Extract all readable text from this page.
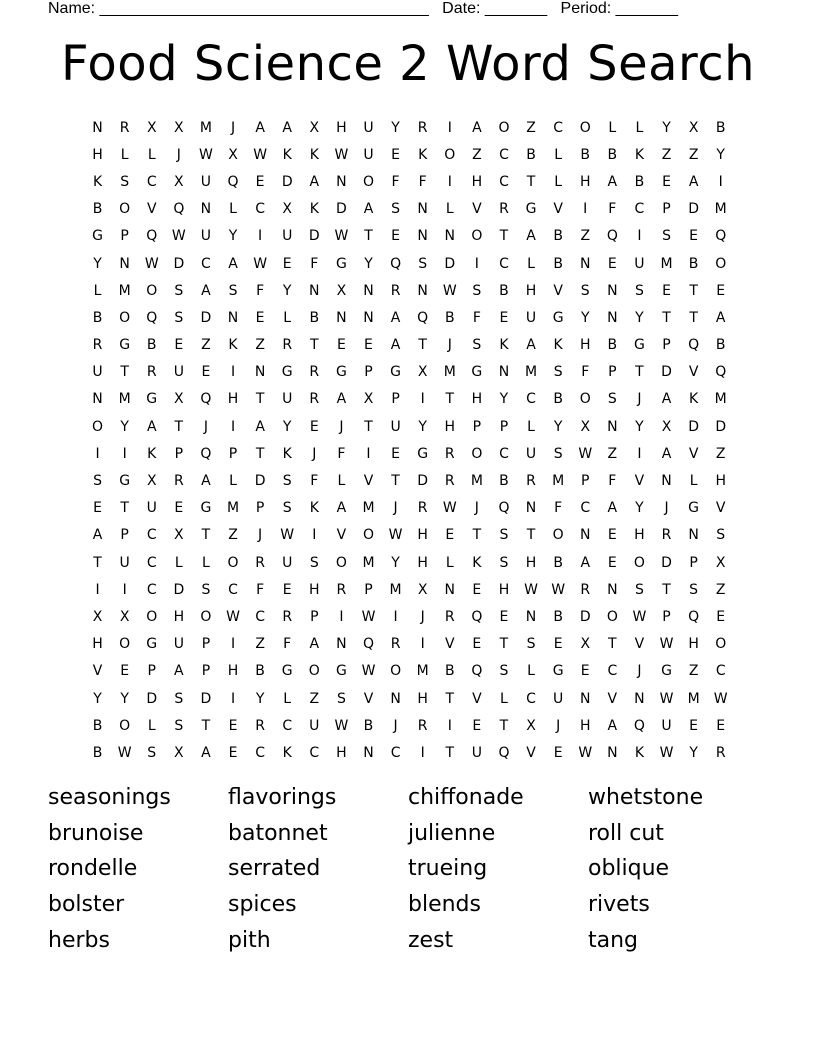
Name: _____________________________________ Date: _______ Period: _______
Food Science 2 Word Search
N	R	X	X	M	J	A	A	X	H	U	Y	R	I	A	O	Z	C	O	L	L	Y	X	B
H	L	L	J	W	X	W	K	K	W	U	E	K	O	Z	C	B	L	B	B	K	Z	Z	Y
K	S	C	X	U	Q	E	D	A	N	O	F	F	I	H	C	T	L	H	A	B	E	A	I
B	O	V	Q	N	L	C	X	K	D	A	S	N	L	V	R	G	V	I	F	C	P	D	M
G	P	Q	W	U	Y	I	U	D	W	T	E	N	N	O	T	A	B	Z	Q	I	S	E	Q
Y	N	W	D	C	A	W	E	F	G	Y	Q	S	D	I	C	L	B	N	E	U	M	B	O
L	M	O	S	A	S	F	Y	N	X	N	R	N	W	S	B	H	V	S	N	S	E	T	E
B	O	Q	S	D	N	E	L	B	N	N	A	Q	B	F	E	U	G	Y	N	Y	T	T	A
R	G	B	E	Z	K	Z	R	T	E	E	A	T	J	S	K	A	K	H	B	G	P	Q	B
U	T	R	U	E	I	N	G	R	G	P	G	X	M	G	N	M	S	F	P	T	D	V	Q
N	M	G	X	Q	H	T	U	R	A	X	P	I	T	H	Y	C	B	O	S	J	A	K	M
O	Y	A	T	J	I	A	Y	E	J	T	U	Y	H	P	P	L	Y	X	N	Y	X	D	D
I	I	K	P	Q	P	T	K	J	F	I	E	G	R	O	C	U	S	W	Z	I	A	V	Z
S	G	X	R	A	L	D	S	F	L	V	T	D	R	M	B	R	M	P	F	V	N	L	H
E	T	U	E	G	M	P	S	K	A	M	J	R	W	J	Q	N	F	C	A	Y	J	G	V
A	P	C	X	T	Z	J	W	I	V	O	W	H	E	T	S	T	O	N	E	H	R	N	S
T	U	C	L	L	O	R	U	S	O	M	Y	H	L	K	S	H	B	A	E	O	D	P	X
I	I	C	D	S	C	F	E	H	R	P	M	X	N	E	H	W W	R	N	S	T	S	Z
X	X	O	H	O	W	C	R	P	I	W	I	J	R	Q	E	N	B	D	O	W	P	Q	E
H	O	G	U	P	I	Z	F	A	N	Q	R	I	V	E	T	S	E	X	T	V	W	H	O
V	E	P	A	P	H	B	G	O	G	W	O	M	B	Q	S	L	G	E	C	J	G	Z	C
Y	Y	D	S	D	I	Y	L	Z	S	V	N	H	T	V	L	C	U	N	V	N	W	M	W
B	O	L	S	T	E	R	C	U	W	B	J	R	I	E	T	X	J	H	A	Q	U	E	E
B	W	S	X	A	E	C	K	C	H	N	C	I	T	U	Q	V	E	W	N	K	W	Y	R
seasonings	flavorings	chiffonade	whetstone
brunoise	batonnet	julienne	roll cut
rondelle	serrated	trueing	oblique
bolster	spices	blends	rivets
herbs	pith	zest	tang
